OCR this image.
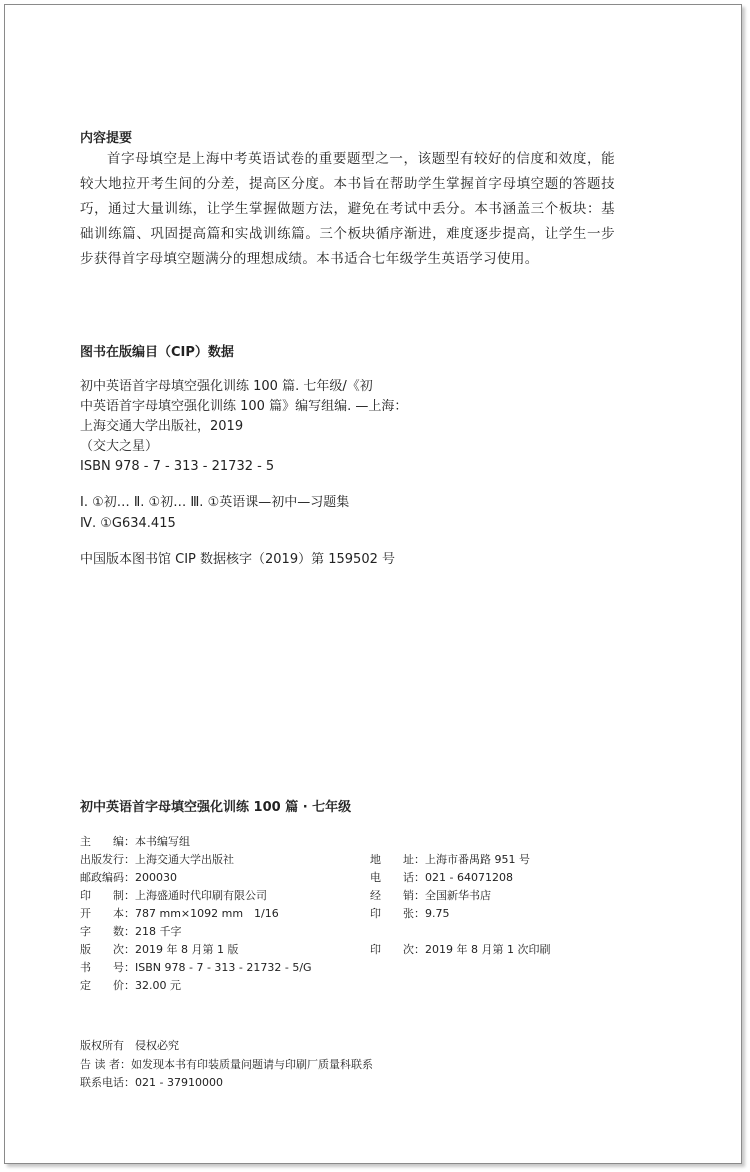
内容提要
首字母填空是上海中考英语试卷的重要题型之一，该题型有较好的信度和效度，能较大地拉开考生间的分差，提高区分度。本书旨在帮助学生掌握首字母填空题的答题技巧，通过大量训练，让学生掌握做题方法，避免在考试中丢分。本书涵盖三个板块：基础训练篇、巩固提高篇和实战训练篇。三个板块循序渐进，难度逐步提高，让学生一步步获得首字母填空题满分的理想成绩。本书适合七年级学生英语学习使用。
图书在版编目（CIP）数据
初中英语首字母填空强化训练 100 篇. 七年级/《初
中英语首字母填空强化训练 100 篇》编写组编. —上海：
上海交通大学出版社，2019
（交大之星）
ISBN 978 - 7 - 313 - 21732 - 5
Ⅰ. ①初… Ⅱ. ①初… Ⅲ. ①英语课—初中—习题集
Ⅳ. ①G634.415
中国版本图书馆 CIP 数据核字（2019）第 159502 号
初中英语首字母填空强化训练 100 篇 · 七年级
主　　编：本书编写组
出版发行：上海交通大学出版社
邮政编码：200030
印　　制：上海盛通时代印刷有限公司
开　　本：787 mm×1092 mm　1/16
字　　数：218 千字
版　　次：2019 年 8 月第 1 版
书　　号：ISBN 978 - 7 - 313 - 21732 - 5/G
定　　价：32.00 元
地　　址：上海市番禺路 951 号
电　　话：021 - 64071208
经　　销：全国新华书店
印　　张：9.75
印　　次：2019 年 8 月第 1 次印刷
版权所有　侵权必究
告 读 者：如发现本书有印装质量问题请与印刷厂质量科联系
联系电话：021 - 37910000
